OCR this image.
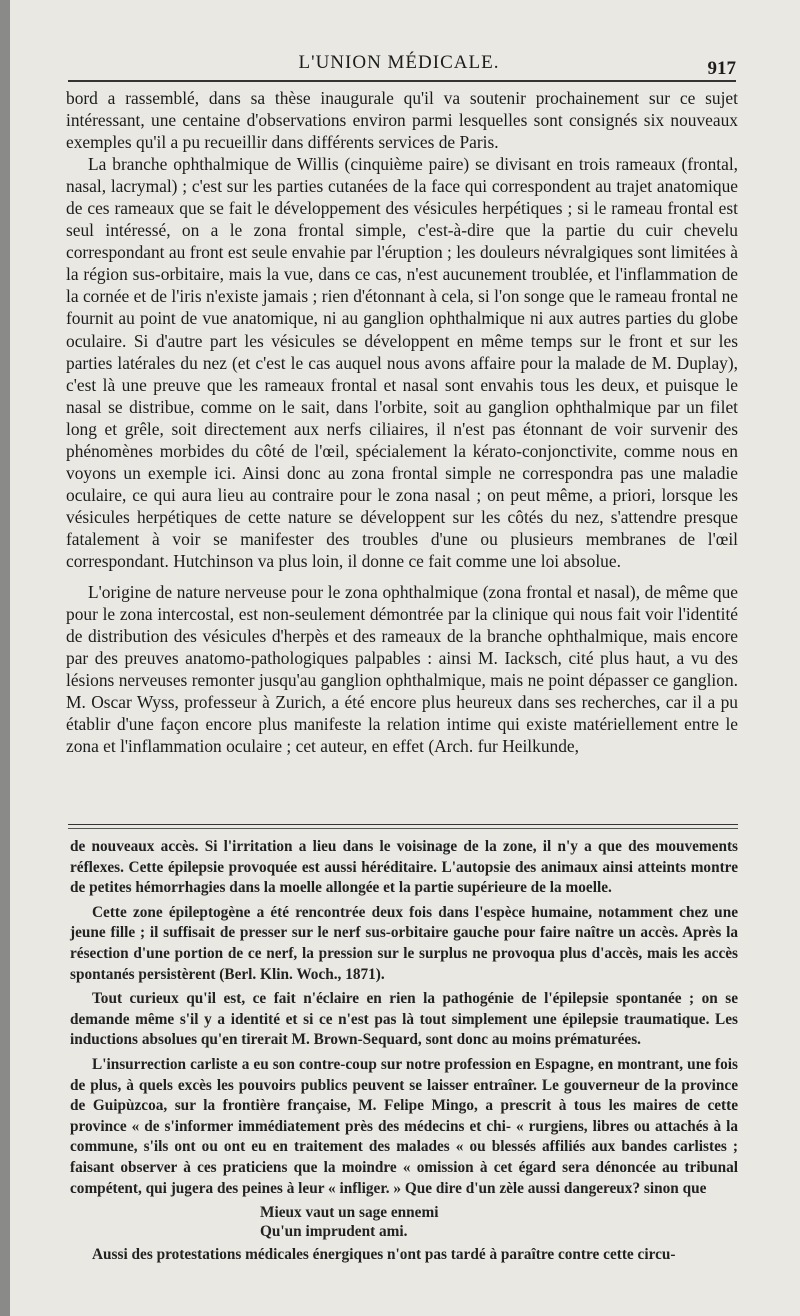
L'UNION MÉDICALE.	917

bord a rassemblé, dans sa thèse inaugurale qu'il va soutenir prochainement sur ce sujet intéressant, une centaine d'observations environ parmi lesquelles sont consignés six nouveaux exemples qu'il a pu recueillir dans différents services de Paris.

La branche ophthalmique de Willis (cinquième paire) se divisant en trois rameaux (frontal, nasal, lacrymal) ; c'est sur les parties cutanées de la face qui correspondent au trajet anatomique de ces rameaux que se fait le développement des vésicules herpétiques ; si le rameau frontal est seul intéressé, on a le zona frontal simple, c'est-à-dire que la partie du cuir chevelu correspondant au front est seule envahie par l'éruption ; les douleurs névralgiques sont limitées à la région sus-orbitaire, mais la vue, dans ce cas, n'est aucunement troublée, et l'inflammation de la cornée et de l'iris n'existe jamais ; rien d'étonnant à cela, si l'on songe que le rameau frontal ne fournit au point de vue anatomique, ni au ganglion ophthalmique ni aux autres parties du globe oculaire. Si d'autre part les vésicules se développent en même temps sur le front et sur les parties latérales du nez (et c'est le cas auquel nous avons affaire pour la malade de M. Duplay), c'est là une preuve que les rameaux frontal et nasal sont envahis tous les deux, et puisque le nasal se distribue, comme on le sait, dans l'orbite, soit au ganglion ophthalmique par un filet long et grêle, soit directement aux nerfs ciliaires, il n'est pas étonnant de voir survenir des phénomènes morbides du côté de l'œil, spécialement la kérato-conjonctivite, comme nous en voyons un exemple ici. Ainsi donc au zona frontal simple ne correspondra pas une maladie oculaire, ce qui aura lieu au contraire pour le zona nasal ; on peut même, a priori, lorsque les vésicules herpétiques de cette nature se développent sur les côtés du nez, s'attendre presque fatalement à voir se manifester des troubles d'une ou plusieurs membranes de l'œil correspondant. Hutchinson va plus loin, il donne ce fait comme une loi absolue.

L'origine de nature nerveuse pour le zona ophthalmique (zona frontal et nasal), de même que pour le zona intercostal, est non-seulement démontrée par la clinique qui nous fait voir l'identité de distribution des vésicules d'herpès et des rameaux de la branche ophthalmique, mais encore par des preuves anatomo-pathologiques palpables : ainsi M. Iacksch, cité plus haut, a vu des lésions nerveuses remonter jusqu'au ganglion ophthalmique, mais ne point dépasser ce ganglion. M. Oscar Wyss, professeur à Zurich, a été encore plus heureux dans ses recherches, car il a pu établir d'une façon encore plus manifeste la relation intime qui existe matériellement entre le zona et l'inflammation oculaire ; cet auteur, en effet (Arch. fur Heilkunde,

de nouveaux accès. Si l'irritation a lieu dans le voisinage de la zone, il n'y a que des mouvements réflexes. Cette épilepsie provoquée est aussi héréditaire. L'autopsie des animaux ainsi atteints montre de petites hémorrhagies dans la moelle allongée et la partie supérieure de la moelle.

Cette zone épileptogène a été rencontrée deux fois dans l'espèce humaine, notamment chez une jeune fille ; il suffisait de presser sur le nerf sus-orbitaire gauche pour faire naître un accès. Après la résection d'une portion de ce nerf, la pression sur le surplus ne provoqua plus d'accès, mais les accès spontanés persistèrent (Berl. Klin. Woch., 1871).

Tout curieux qu'il est, ce fait n'éclaire en rien la pathogénie de l'épilepsie spontanée ; on se demande même s'il y a identité et si ce n'est pas là tout simplement une épilepsie traumatique. Les inductions absolues qu'en tirerait M. Brown-Sequard, sont donc au moins prématurées.

L'insurrection carliste a eu son contre-coup sur notre profession en Espagne, en montrant, une fois de plus, à quels excès les pouvoirs publics peuvent se laisser entraîner. Le gouverneur de la province de Guipùzcoa, sur la frontière française, M. Felipe Mingo, a prescrit à tous les maires de cette province « de s'informer immédiatement près des médecins et chi- « rurgiens, libres ou attachés à la commune, s'ils ont ou ont eu en traitement des malades « ou blessés affiliés aux bandes carlistes ; faisant observer à ces praticiens que la moindre « omission à cet égard sera dénoncée au tribunal compétent, qui jugera des peines à leur « infliger. » Que dire d'un zèle aussi dangereux? sinon que

Mieux vaut un sage ennemi
Qu'un imprudent ami.

Aussi des protestations médicales énergiques n'ont pas tardé à paraître contre cette circu-
